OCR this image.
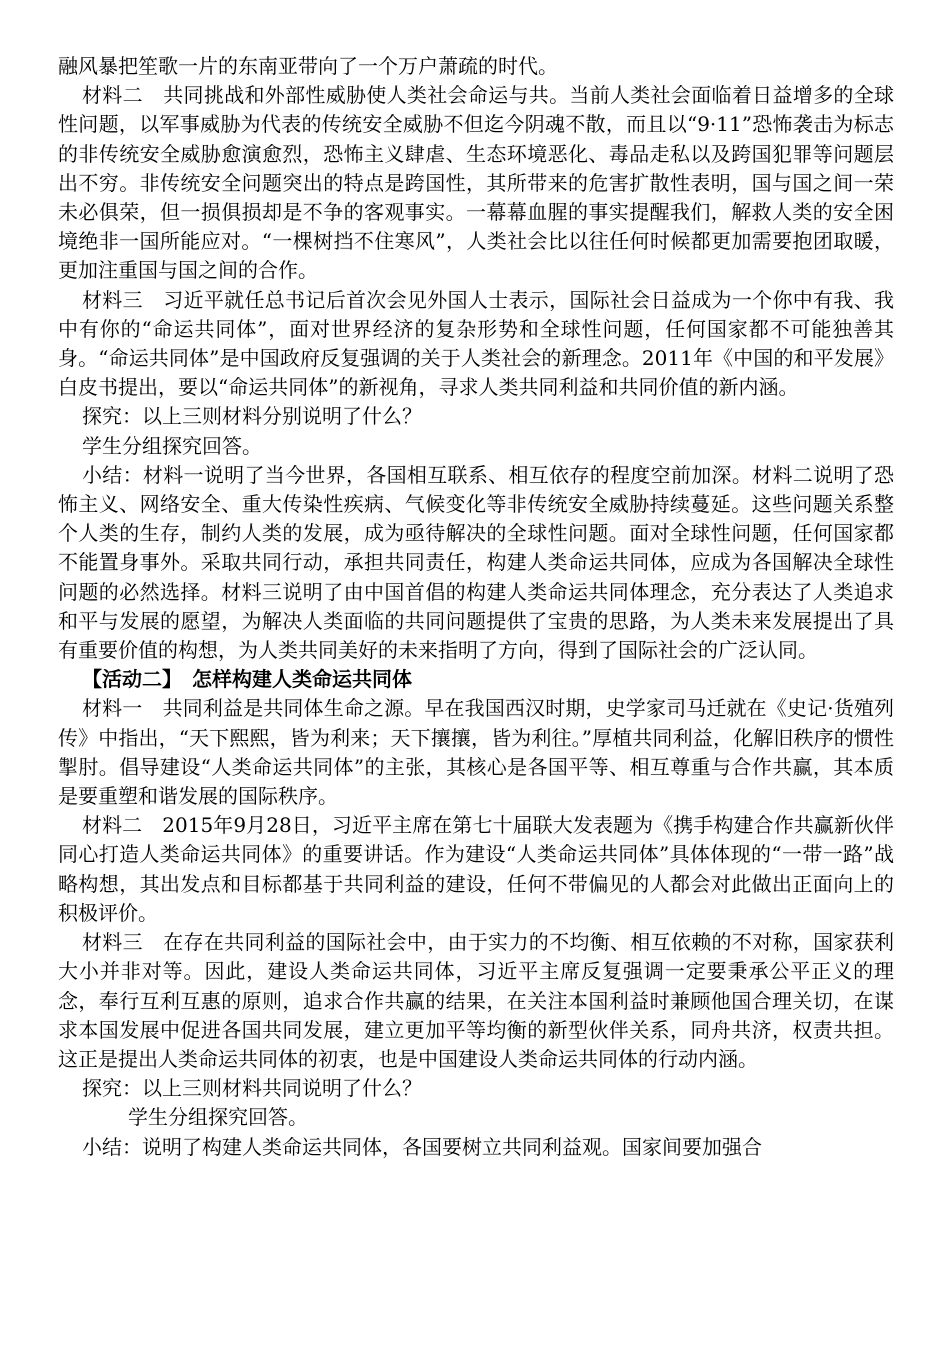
融风暴把笙歌一片的东南亚带向了一个万户萧疏的时代。

材料二　共同挑战和外部性威胁使人类社会命运与共。当前人类社会面临着日益增多的全球性问题，以军事威胁为代表的传统安全威胁不但迄今阴魂不散，而且以“9·11”恐怖袭击为标志的非传统安全威胁愈演愈烈，恐怖主义肆虐、生态环境恶化、毒品走私以及跨国犯罪等问题层出不穷。非传统安全问题突出的特点是跨国性，其所带来的危害扩散性表明，国与国之间一荣未必俱荣，但一损俱损却是不争的客观事实。一幕幕血腥的事实提醒我们，解救人类的安全困境绝非一国所能应对。“一棵树挡不住寒风”，人类社会比以往任何时候都更加需要抱团取暖，更加注重国与国之间的合作。

材料三　习近平就任总书记后首次会见外国人士表示，国际社会日益成为一个你中有我、我中有你的“命运共同体”，面对世界经济的复杂形势和全球性问题，任何国家都不可能独善其身。“命运共同体”是中国政府反复强调的关于人类社会的新理念。2011年《中国的和平发展》白皮书提出，要以“命运共同体”的新视角，寻求人类共同利益和共同价值的新内涵。

探究：以上三则材料分别说明了什么？

学生分组探究回答。

小结：材料一说明了当今世界，各国相互联系、相互依存的程度空前加深。材料二说明了恐怖主义、网络安全、重大传染性疾病、气候变化等非传统安全威胁持续蔓延。这些问题关系整个人类的生存，制约人类的发展，成为亟待解决的全球性问题。面对全球性问题，任何国家都不能置身事外。采取共同行动，承担共同责任，构建人类命运共同体，应成为各国解决全球性问题的必然选择。材料三说明了由中国首倡的构建人类命运共同体理念，充分表达了人类追求和平与发展的愿望，为解决人类面临的共同问题提供了宝贵的思路，为人类未来发展提出了具有重要价值的构想，为人类共同美好的未来指明了方向，得到了国际社会的广泛认同。

【活动二】　怎样构建人类命运共同体

材料一　共同利益是共同体生命之源。早在我国西汉时期，史学家司马迁就在《史记·货殖列传》中指出，“天下熙熙，皆为利来；天下攘攘，皆为利往。”厚植共同利益，化解旧秩序的惯性掣肘。倡导建设“人类命运共同体”的主张，其核心是各国平等、相互尊重与合作共赢，其本质是要重塑和谐发展的国际秩序。

材料二　2015年9月28日，习近平主席在第七十届联大发表题为《携手构建合作共赢新伙伴　同心打造人类命运共同体》的重要讲话。作为建设“人类命运共同体”具体体现的“一带一路”战略构想，其出发点和目标都基于共同利益的建设，任何不带偏见的人都会对此做出正面向上的积极评价。

材料三　在存在共同利益的国际社会中，由于实力的不均衡、相互依赖的不对称，国家获利大小并非对等。因此，建设人类命运共同体，习近平主席反复强调一定要秉承公平正义的理念，奉行互利互惠的原则，追求合作共赢的结果，在关注本国利益时兼顾他国合理关切，在谋求本国发展中促进各国共同发展，建立更加平等均衡的新型伙伴关系，同舟共济，权责共担。这正是提出人类命运共同体的初衷，也是中国建设人类命运共同体的行动内涵。

探究：以上三则材料共同说明了什么？

学生分组探究回答。

小结：说明了构建人类命运共同体，各国要树立共同利益观。国家间要加强合
